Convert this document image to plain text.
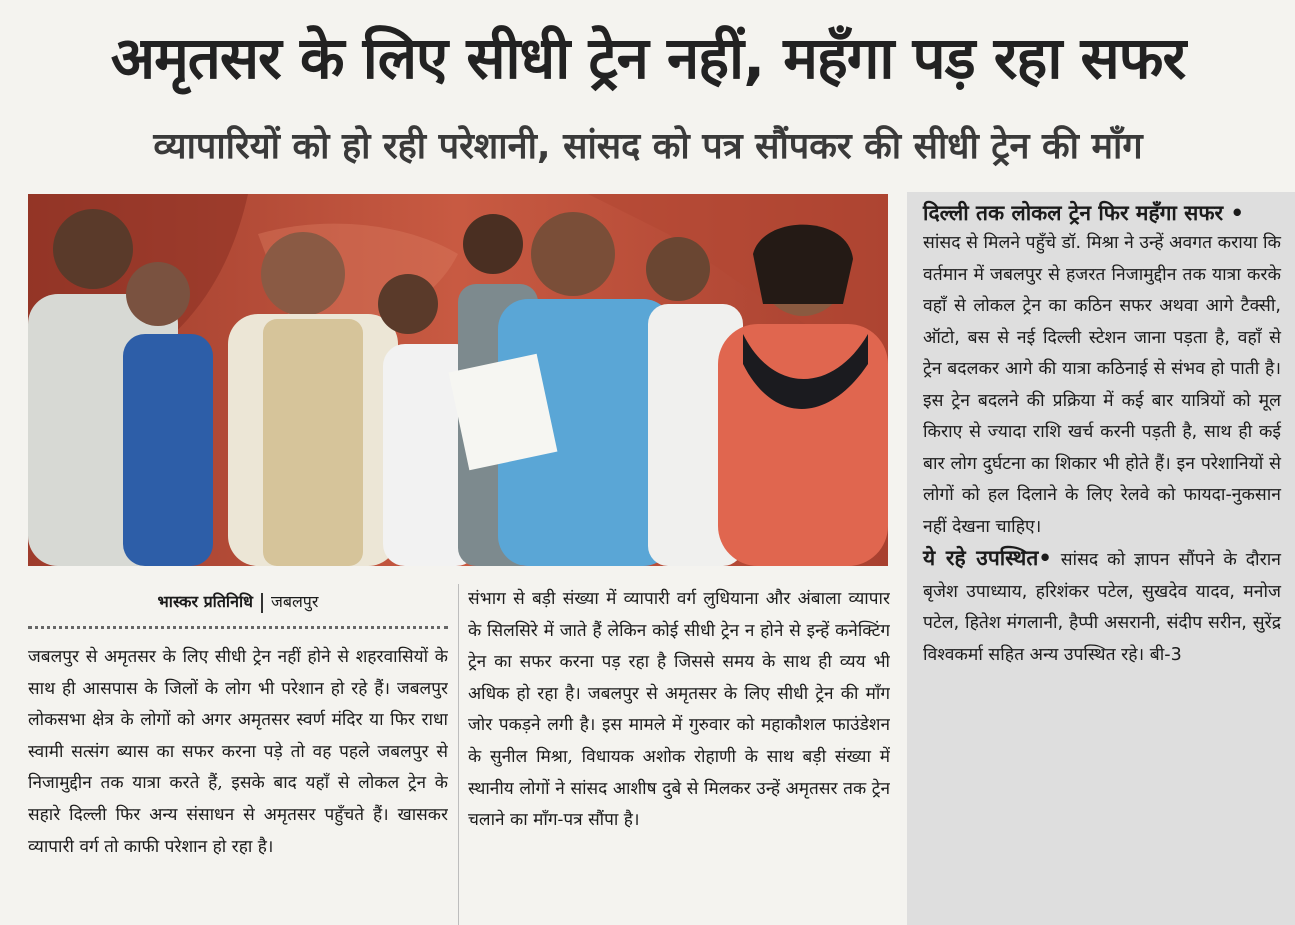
अमृतसर के लिए सीधी ट्रेन नहीं, महँगा पड़ रहा सफर
व्यापारियों को हो रही परेशानी, सांसद को पत्र सौंपकर की सीधी ट्रेन की माँग
दिल्ली तक लोकल ट्रेन फिर महँगा सफर •
सांसद से मिलने पहुँचे डॉ. मिश्रा ने उन्हें अवगत कराया कि वर्तमान में जबलपुर से हजरत निजामुद्दीन तक यात्रा करके वहाँ से लोकल ट्रेन का कठिन सफर अथवा आगे टैक्सी, ऑटो, बस से नई दिल्ली स्टेशन जाना पड़ता है, वहाँ से ट्रेन बदलकर आगे की यात्रा कठिनाई से संभव हो पाती है। इस ट्रेन बदलने की प्रक्रिया में कई बार यात्रियों को मूल किराए से ज्यादा राशि खर्च करनी पड़ती है, साथ ही कई बार लोग दुर्घटना का शिकार भी होते हैं। इन परेशानियों से लोगों को हल दिलाने के लिए रेलवे को फायदा-नुकसान नहीं देखना चाहिए।
ये रहे उपस्थित• सांसद को ज्ञापन सौंपने के दौरान बृजेश उपाध्याय, हरिशंकर पटेल, सुखदेव यादव, मनोज पटेल, हितेश मंगलानी, हैप्पी असरानी, संदीप सरीन, सुरेंद्र विश्वकर्मा सहित अन्य उपस्थित रहे। बी-3
भास्कर प्रतिनिधि जबलपुर
जबलपुर से अमृतसर के लिए सीधी ट्रेन नहीं होने से शहरवासियों के साथ ही आसपास के जिलों के लोग भी परेशान हो रहे हैं। जबलपुर लोकसभा क्षेत्र के लोगों को अगर अमृतसर स्वर्ण मंदिर या फिर राधा स्वामी सत्संग ब्यास का सफर करना पड़े तो वह पहले जबलपुर से निजामुद्दीन तक यात्रा करते हैं, इसके बाद यहाँ से लोकल ट्रेन के सहारे दिल्ली फिर अन्य संसाधन से अमृतसर पहुँचते हैं। खासकर व्यापारी वर्ग तो काफी परेशान हो रहा है।
संभाग से बड़ी संख्या में व्यापारी वर्ग लुधियाना और अंबाला व्यापार के सिलसिरे में जाते हैं लेकिन कोई सीधी ट्रेन न होने से इन्हें कनेक्टिंग ट्रेन का सफर करना पड़ रहा है जिससे समय के साथ ही व्यय भी अधिक हो रहा है। जबलपुर से अमृतसर के लिए सीधी ट्रेन की माँग जोर पकड़ने लगी है। इस मामले में गुरुवार को महाकौशल फाउंडेशन के सुनील मिश्रा, विधायक अशोक रोहाणी के साथ बड़ी संख्या में स्थानीय लोगों ने सांसद आशीष दुबे से मिलकर उन्हें अमृतसर तक ट्रेन चलाने का माँग-पत्र सौंपा है।
